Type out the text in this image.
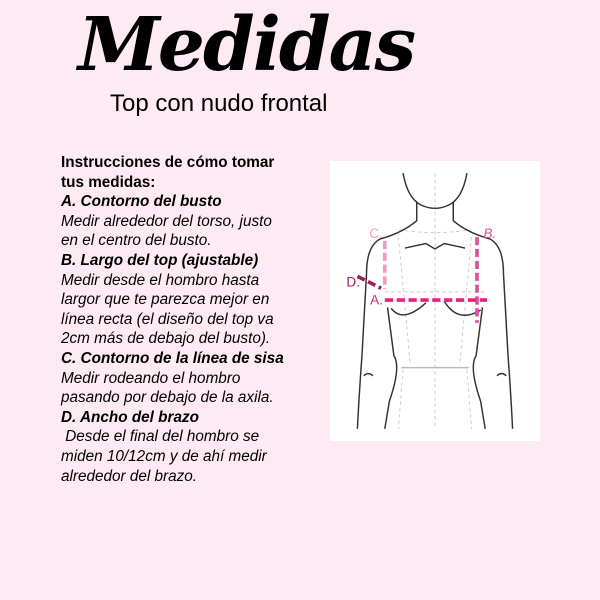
Medidas
Top con nudo frontal
Instrucciones de cómo tomar
tus medidas:
A. Contorno del busto
Medir alrededor del torso, justo
en el centro del busto.
B. Largo del top (ajustable)
Medir desde el hombro hasta
largor que te parezca mejor en
línea recta (el diseño del top va
2cm más de debajo del busto).
C. Contorno de la línea de sisa
Medir rodeando el hombro
pasando por debajo de la axila.
D. Ancho del brazo
Desde el final del hombro se
miden 10/12cm y de ahí medir
alrededor del brazo.
C.	B.
D.
A.
